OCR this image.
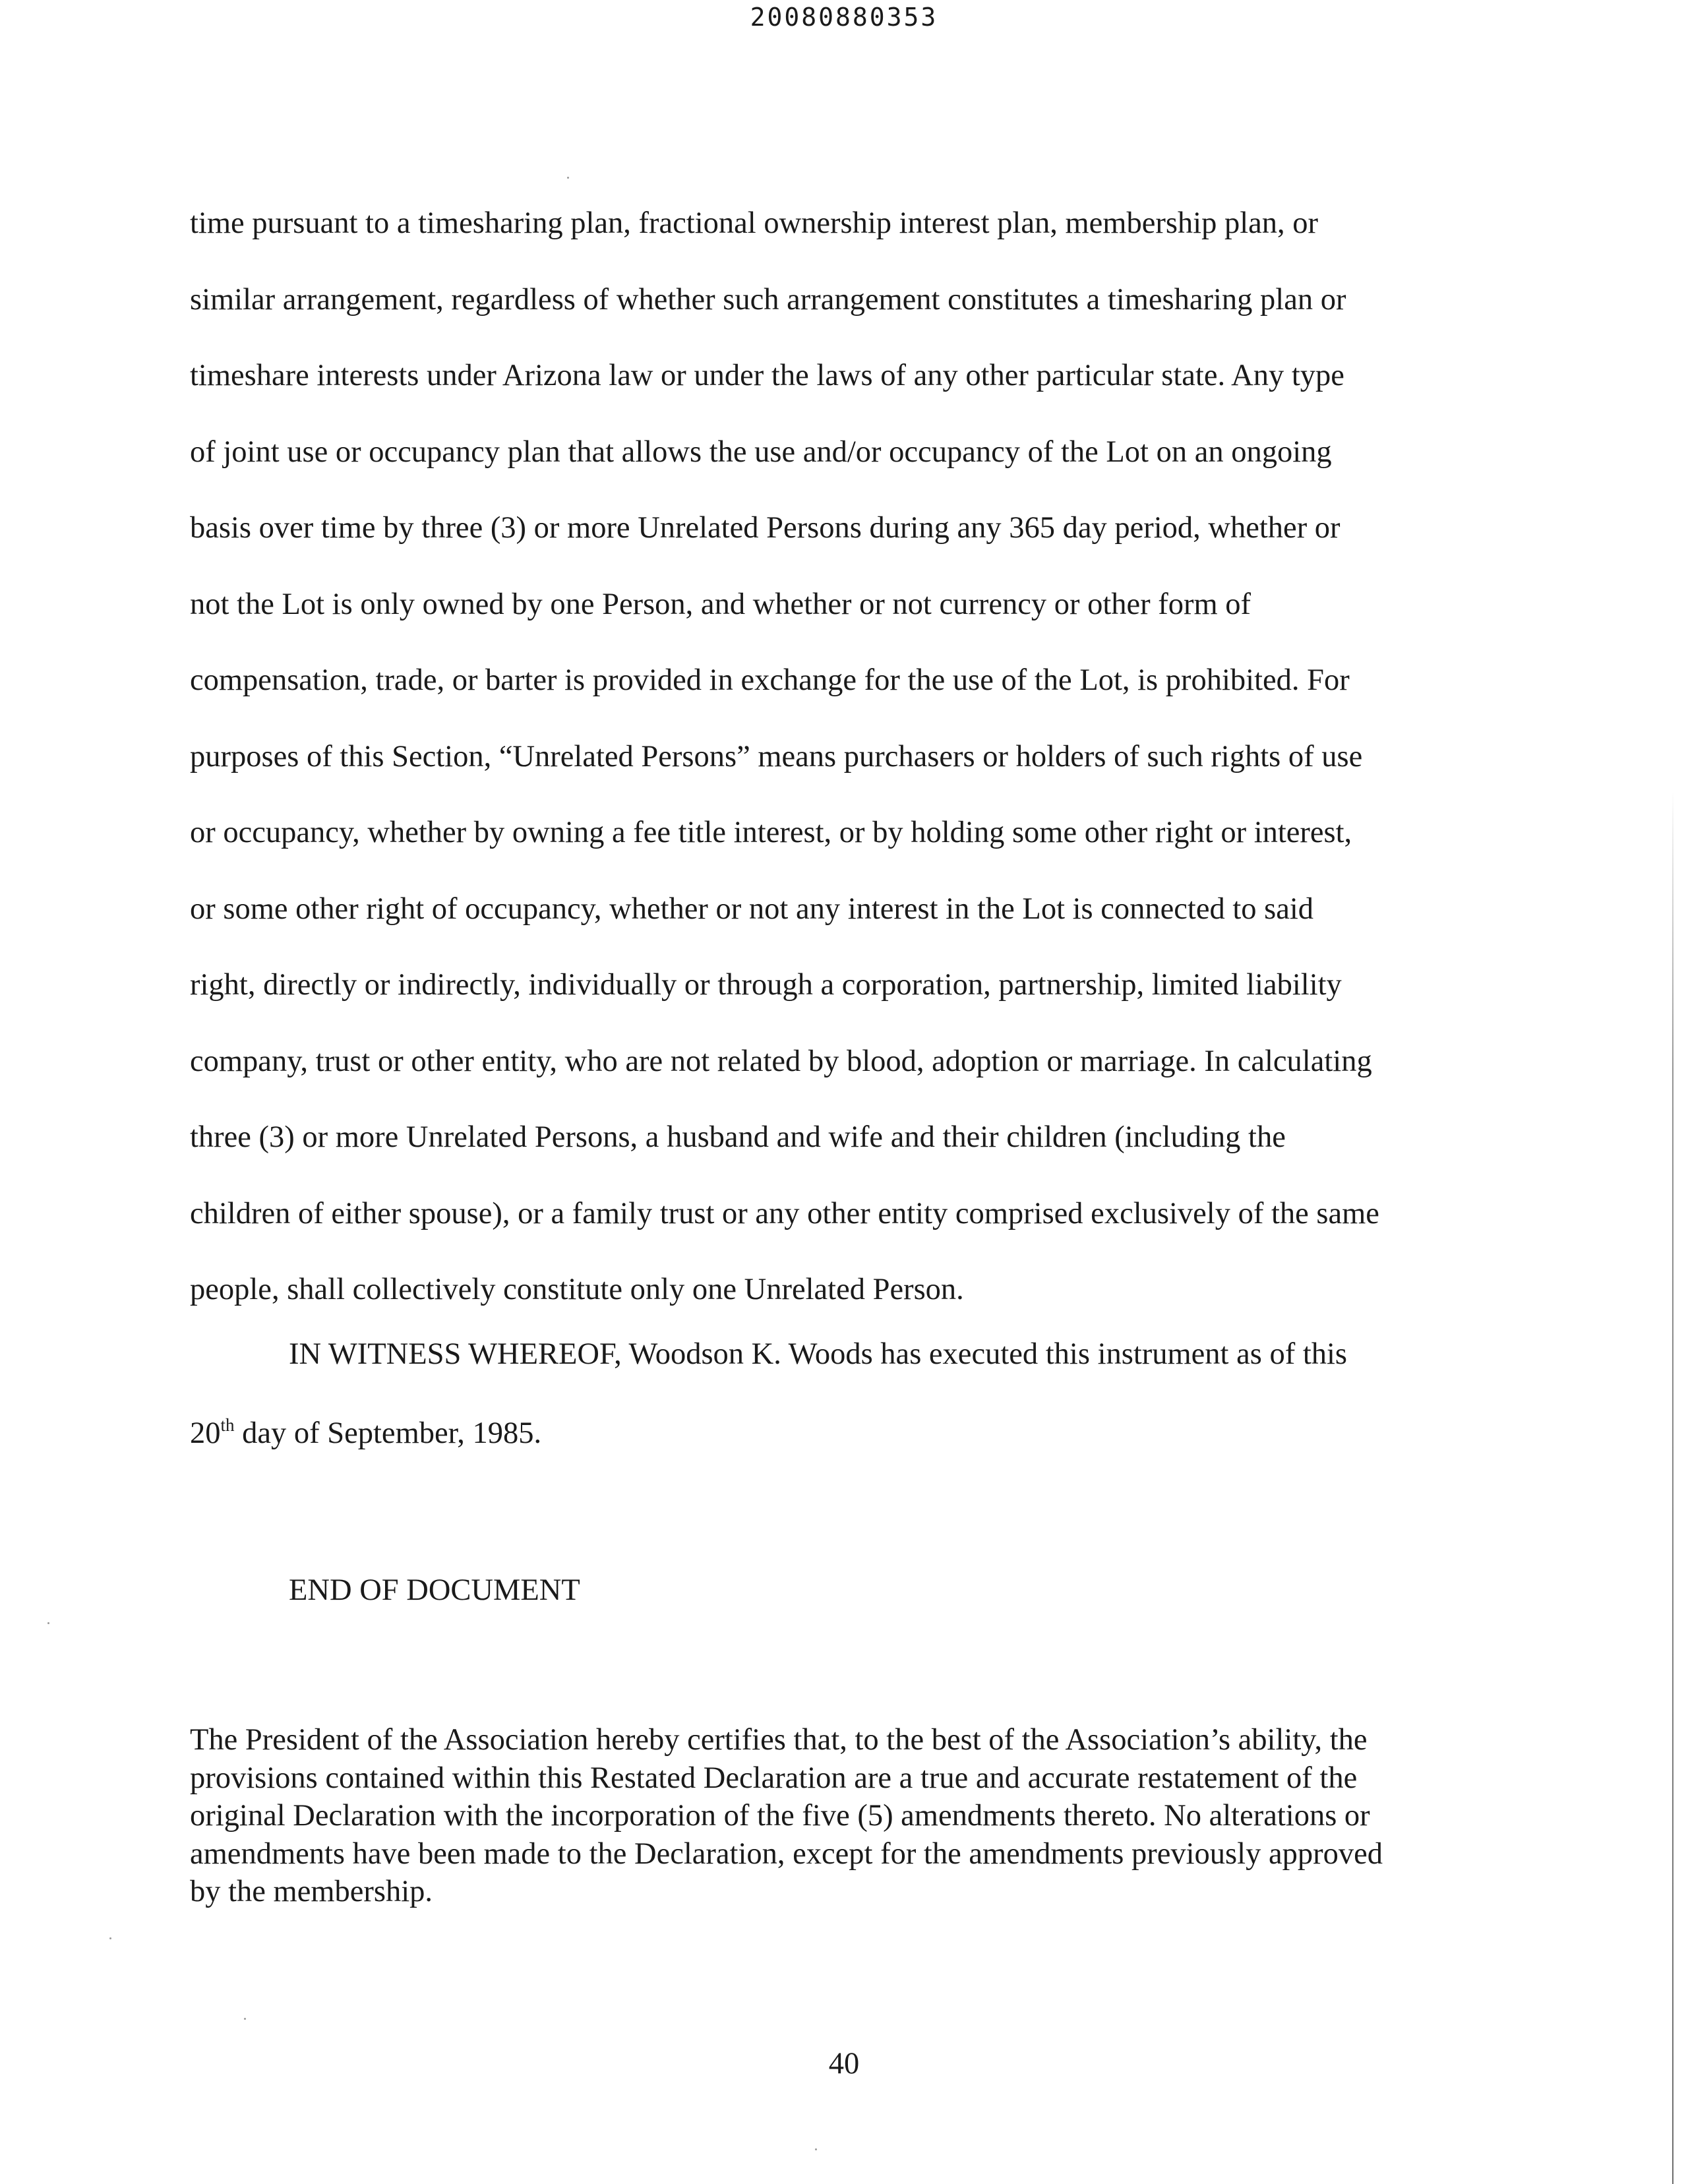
20080880353
time pursuant to a timesharing plan, fractional ownership interest plan, membership plan, or
similar arrangement, regardless of whether such arrangement constitutes a timesharing plan or
timeshare interests under Arizona law or under the laws of any other particular state. Any type
of joint use or occupancy plan that allows the use and/or occupancy of the Lot on an ongoing
basis over time by three (3) or more Unrelated Persons during any 365 day period, whether or
not the Lot is only owned by one Person, and whether or not currency or other form of
compensation, trade, or barter is provided in exchange for the use of the Lot, is prohibited. For
purposes of this Section, “Unrelated Persons” means purchasers or holders of such rights of use
or occupancy, whether by owning a fee title interest, or by holding some other right or interest,
or some other right of occupancy, whether or not any interest in the Lot is connected to said
right, directly or indirectly, individually or through a corporation, partnership, limited liability
company, trust or other entity, who are not related by blood, adoption or marriage. In calculating
three (3) or more Unrelated Persons, a husband and wife and their children (including the
children of either spouse), or a family trust or any other entity comprised exclusively of the same
people, shall collectively constitute only one Unrelated Person.
IN WITNESS WHEREOF, Woodson K. Woods has executed this instrument as of this
20th day of September, 1985.
END OF DOCUMENT
The President of the Association hereby certifies that, to the best of the Association’s ability, the
provisions contained within this Restated Declaration are a true and accurate restatement of the
original Declaration with the incorporation of the five (5) amendments thereto. No alterations or
amendments have been made to the Declaration, except for the amendments previously approved
by the membership.
40
